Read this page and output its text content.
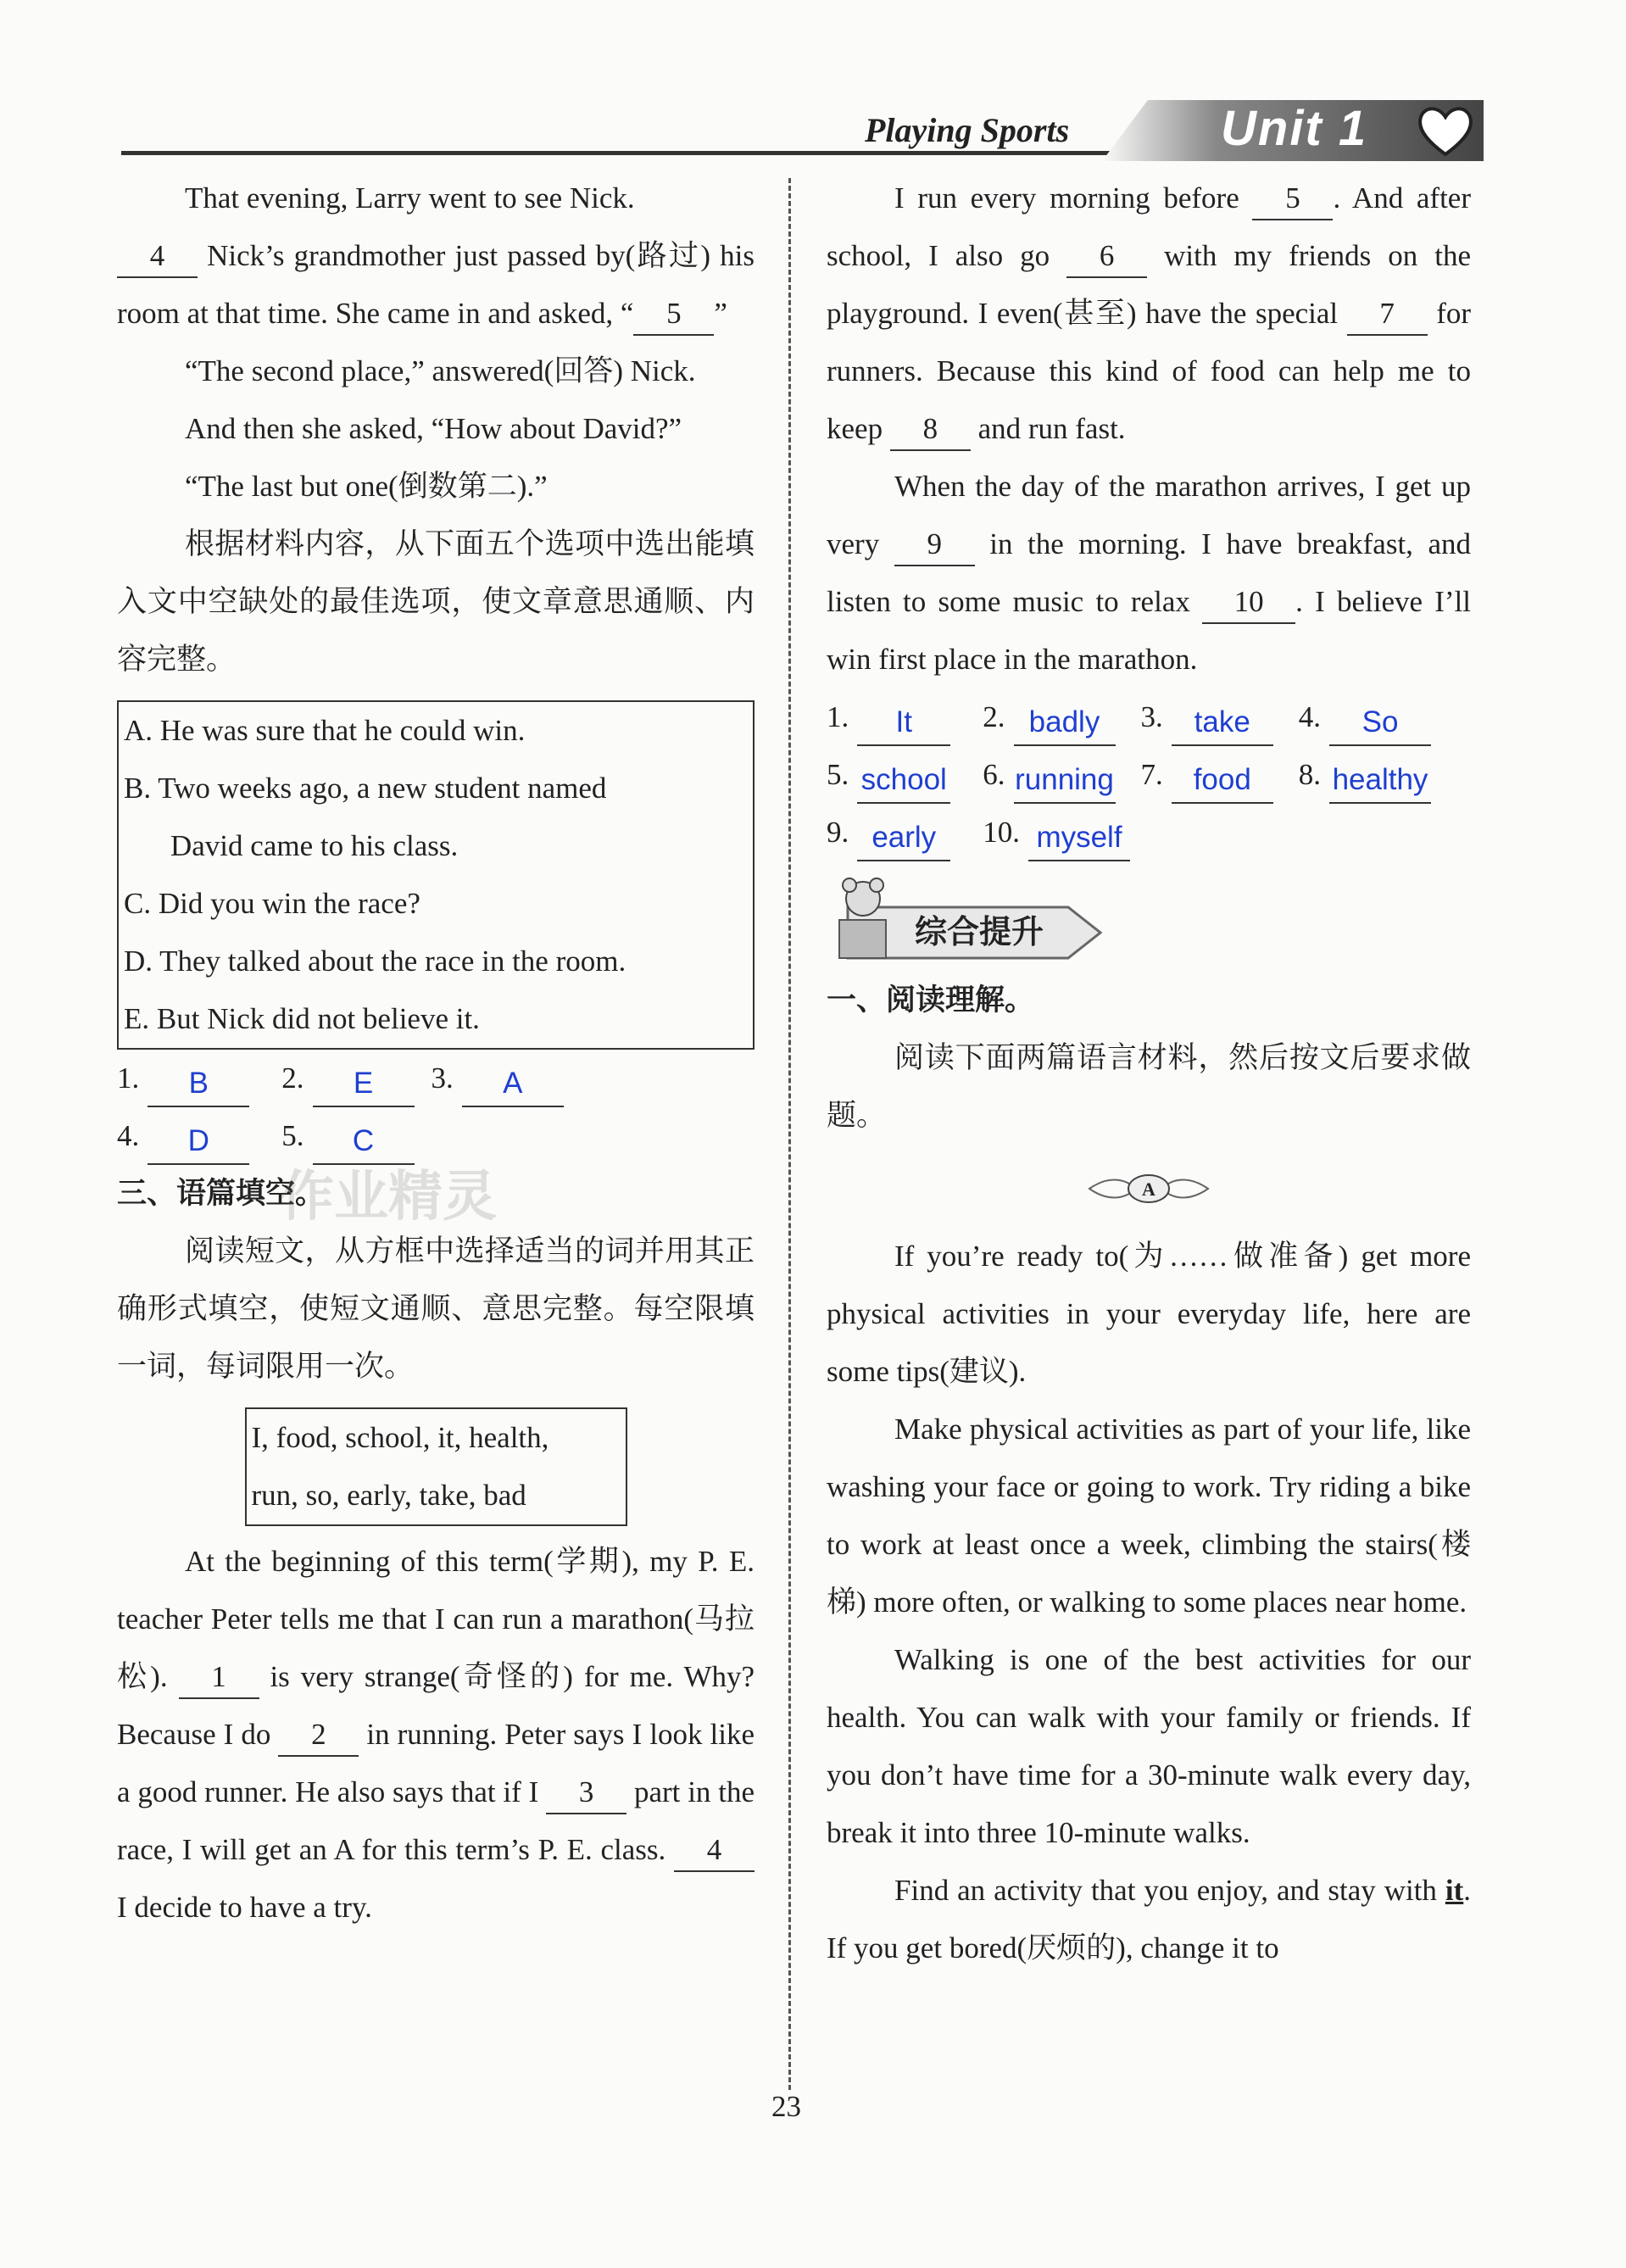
Playing Sports	Unit 1

That evening, Larry went to see Nick.
4 Nick’s grandmother just passed by(路过) his room at that time. She came in and asked, “ 5 ”

“The second place,” answered(回答) Nick.

And then she asked, “How about David?”

“The last but one(倒数第二).”

根据材料内容，从下面五个选项中选出能填入文中空缺处的最佳选项，使文章意思通顺、内容完整。

A. He was sure that he could win.
B. Two weeks ago, a new student named
David came to his class.
C. Did you win the race?
D. They talked about the race in the room.
E. But Nick did not believe it.
1.	B	2.	E	3.	A
4.	D	5.	C

三、语篇填空。

阅读短文，从方框中选择适当的词并用其正确形式填空，使短文通顺、意思完整。每空限填一词，每词限用一次。

I, food, school, it, health,
run, so, early, take, bad

At the beginning of this term(学期), my P. E. teacher Peter tells me that I can run a marathon(马拉松). 1 is very strange(奇怪的) for me. Why? Because I do 2 in running. Peter says I look like a good runner. He also says that if I 3 part in the race, I will get an A for this term’s P. E. class. 4 I decide to have a try.

I run every morning before 5 . And after school, I also go 6 with my friends on the playground. I even(甚至) have the special 7 for runners. Because this kind of food can help me to keep 8 and run fast.

When the day of the marathon arrives, I get up very 9 in the morning. I have breakfast, and listen to some music to relax 10 . I believe I’ll win first place in the marathon.

1.	It	2. badly	3.	take	4.	So
5. school 6. running 7.	food	8. healthy
9. early	10. myself

一、阅读理解。

阅读下面两篇语言材料，然后按文后要求做题。

A

If you’re ready to(为……做准备) get more physical activities in your everyday life, here are some tips(建议).

Make physical activities as part of your life, like washing your face or going to work. Try riding a bike to work at least once a week, climbing the stairs(楼梯) more often, or walking to some places near home.

Walking is one of the best activities for our health. You can walk with your family or friends. If you don’t have time for a 30-minute walk every day, break it into three 10-minute walks.

Find an activity that you enjoy, and stay with it. If you get bored(厌烦的), change it to

综合提升
作业精灵
23
